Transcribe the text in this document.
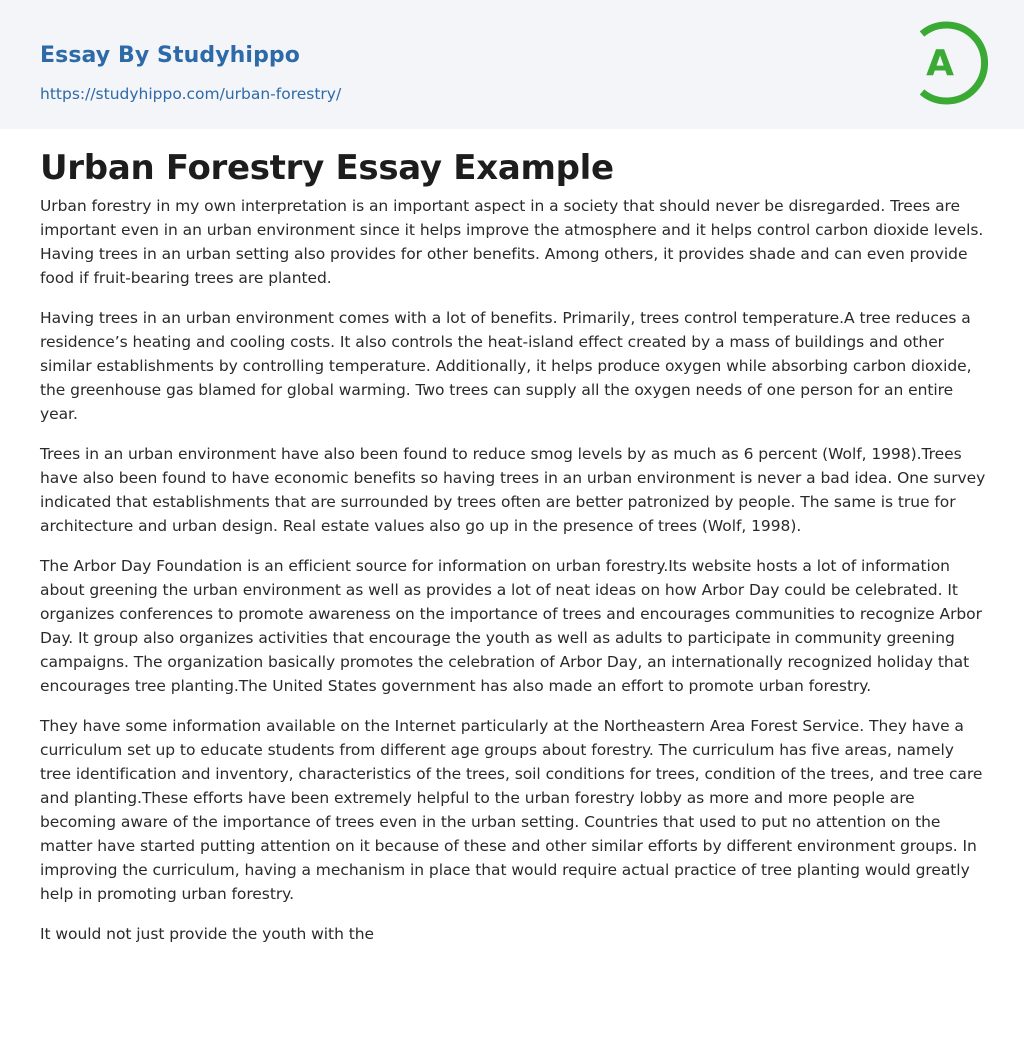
Essay By Studyhippo
https://studyhippo.com/urban-forestry/
A
Urban Forestry Essay Example

Urban forestry in my own interpretation is an important aspect in a society that should never be disregarded. Trees are important even in an urban environment since it helps improve the atmosphere and it helps control carbon dioxide levels. Having trees in an urban setting also provides for other benefits. Among others, it provides shade and can even provide food if fruit-bearing trees are planted.

Having trees in an urban environment comes with a lot of benefits. Primarily, trees control temperature.A tree reduces a residence’s heating and cooling costs. It also controls the heat-island effect created by a mass of buildings and other similar establishments by controlling temperature. Additionally, it helps produce oxygen while absorbing carbon dioxide, the greenhouse gas blamed for global warming. Two trees can supply all the oxygen needs of one person for an entire year.

Trees in an urban environment have also been found to reduce smog levels by as much as 6 percent (Wolf, 1998).Trees have also been found to have economic benefits so having trees in an urban environment is never a bad idea. One survey indicated that establishments that are surrounded by trees often are better patronized by people. The same is true for architecture and urban design. Real estate values also go up in the presence of trees (Wolf, 1998).

The Arbor Day Foundation is an efficient source for information on urban forestry.Its website hosts a lot of information about greening the urban environment as well as provides a lot of neat ideas on how Arbor Day could be celebrated. It organizes conferences to promote awareness on the importance of trees and encourages communities to recognize Arbor Day. It group also organizes activities that encourage the youth as well as adults to participate in community greening campaigns. The organization basically promotes the celebration of Arbor Day, an internationally recognized holiday that encourages tree planting.The United States government has also made an effort to promote urban forestry.

They have some information available on the Internet particularly at the Northeastern Area Forest Service. They have a curriculum set up to educate students from different age groups about forestry. The curriculum has five areas, namely tree identification and inventory, characteristics of the trees, soil conditions for trees, condition of the trees, and tree care and planting.These efforts have been extremely helpful to the urban forestry lobby as more and more people are becoming aware of the importance of trees even in the urban setting. Countries that used to put no attention on the matter have started putting attention on it because of these and other similar efforts by different environment groups. In improving the curriculum, having a mechanism in place that would require actual practice of tree planting would greatly help in promoting urban forestry.

It would not just provide the youth with the
